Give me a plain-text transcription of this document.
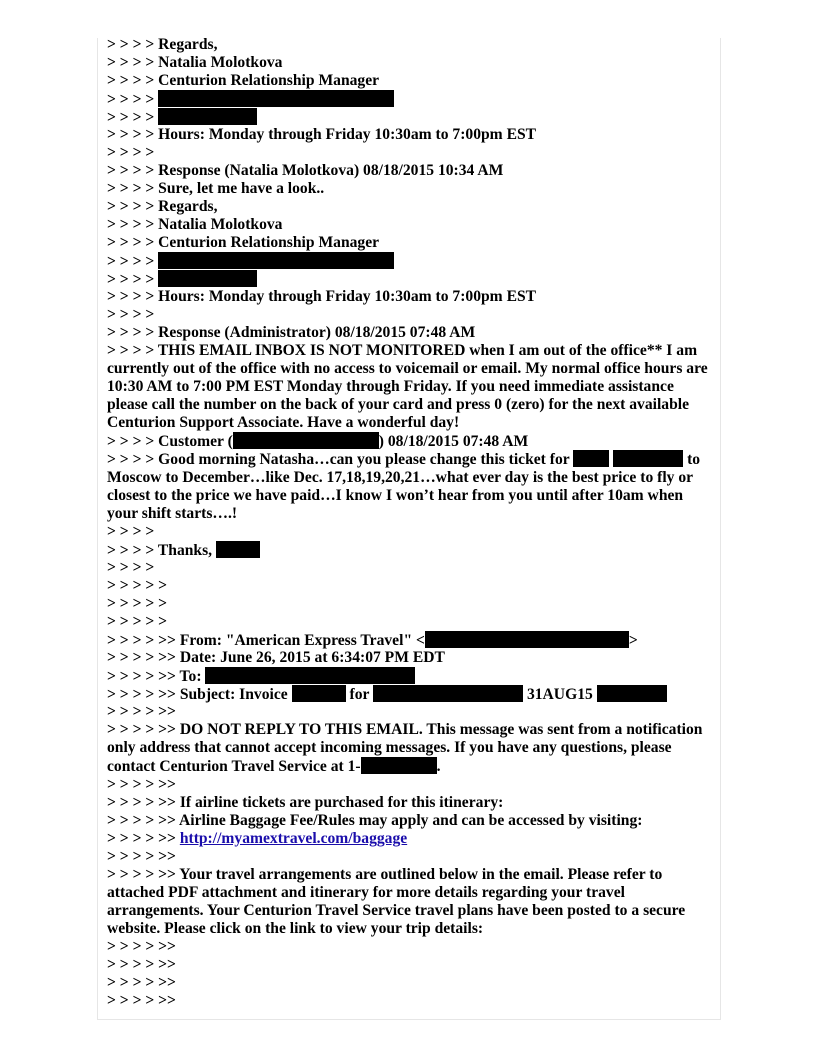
> > > > Regards,
> > > > Natalia Molotkova
> > > > Centurion Relationship Manager
> > > >
> > > >
> > > > Hours: Monday through Friday 10:30am to 7:00pm EST
> > > >
> > > > Response (Natalia Molotkova) 08/18/2015 10:34 AM
> > > > Sure, let me have a look..
> > > > Regards,
> > > > Natalia Molotkova
> > > > Centurion Relationship Manager
> > > >
> > > >
> > > > Hours: Monday through Friday 10:30am to 7:00pm EST
> > > >
> > > > Response (Administrator) 08/18/2015 07:48 AM
> > > > THIS EMAIL INBOX IS NOT MONITORED when I am out of the office** I am currently out of the office with no access to voicemail or email. My normal office hours are 10:30 AM to 7:00 PM EST Monday through Friday. If you need immediate assistance please call the number on the back of your card and press 0 (zero) for the next available Centurion Support Associate. Have a wonderful day!
> > > > Customer (	) 08/18/2015 07:48 AM
> > > > Good morning Natasha…can you please change this ticket for	to Moscow to December…like Dec. 17,18,19,20,21…what ever day is the best price to fly or closest to the price we have paid…I know I won’t hear from you until after 10am when your shift starts….!
> > > >
> > > > Thanks,
> > > >
> > > > >
> > > > >
> > > > >
> > > > >> From: "American Express Travel" <	>
> > > > >> Date: June 26, 2015 at 6:34:07 PM EDT
> > > > >> To:
> > > > >> Subject: Invoice	for	31AUG15
> > > > >>
> > > > >> DO NOT REPLY TO THIS EMAIL. This message was sent from a notification only address that cannot accept incoming messages. If you have any questions, please contact Centurion Travel Service at 1-	.
> > > > >>
> > > > >> If airline tickets are purchased for this itinerary:
> > > > >> Airline Baggage Fee/Rules may apply and can be accessed by visiting:
> > > > >> http://myamextravel.com/baggage
> > > > >>
> > > > >> Your travel arrangements are outlined below in the email. Please refer to attached PDF attachment and itinerary for more details regarding your travel arrangements. Your Centurion Travel Service travel plans have been posted to a secure website. Please click on the link to view your trip details:
> > > > >>
> > > > >>
> > > > >>
> > > > >>
